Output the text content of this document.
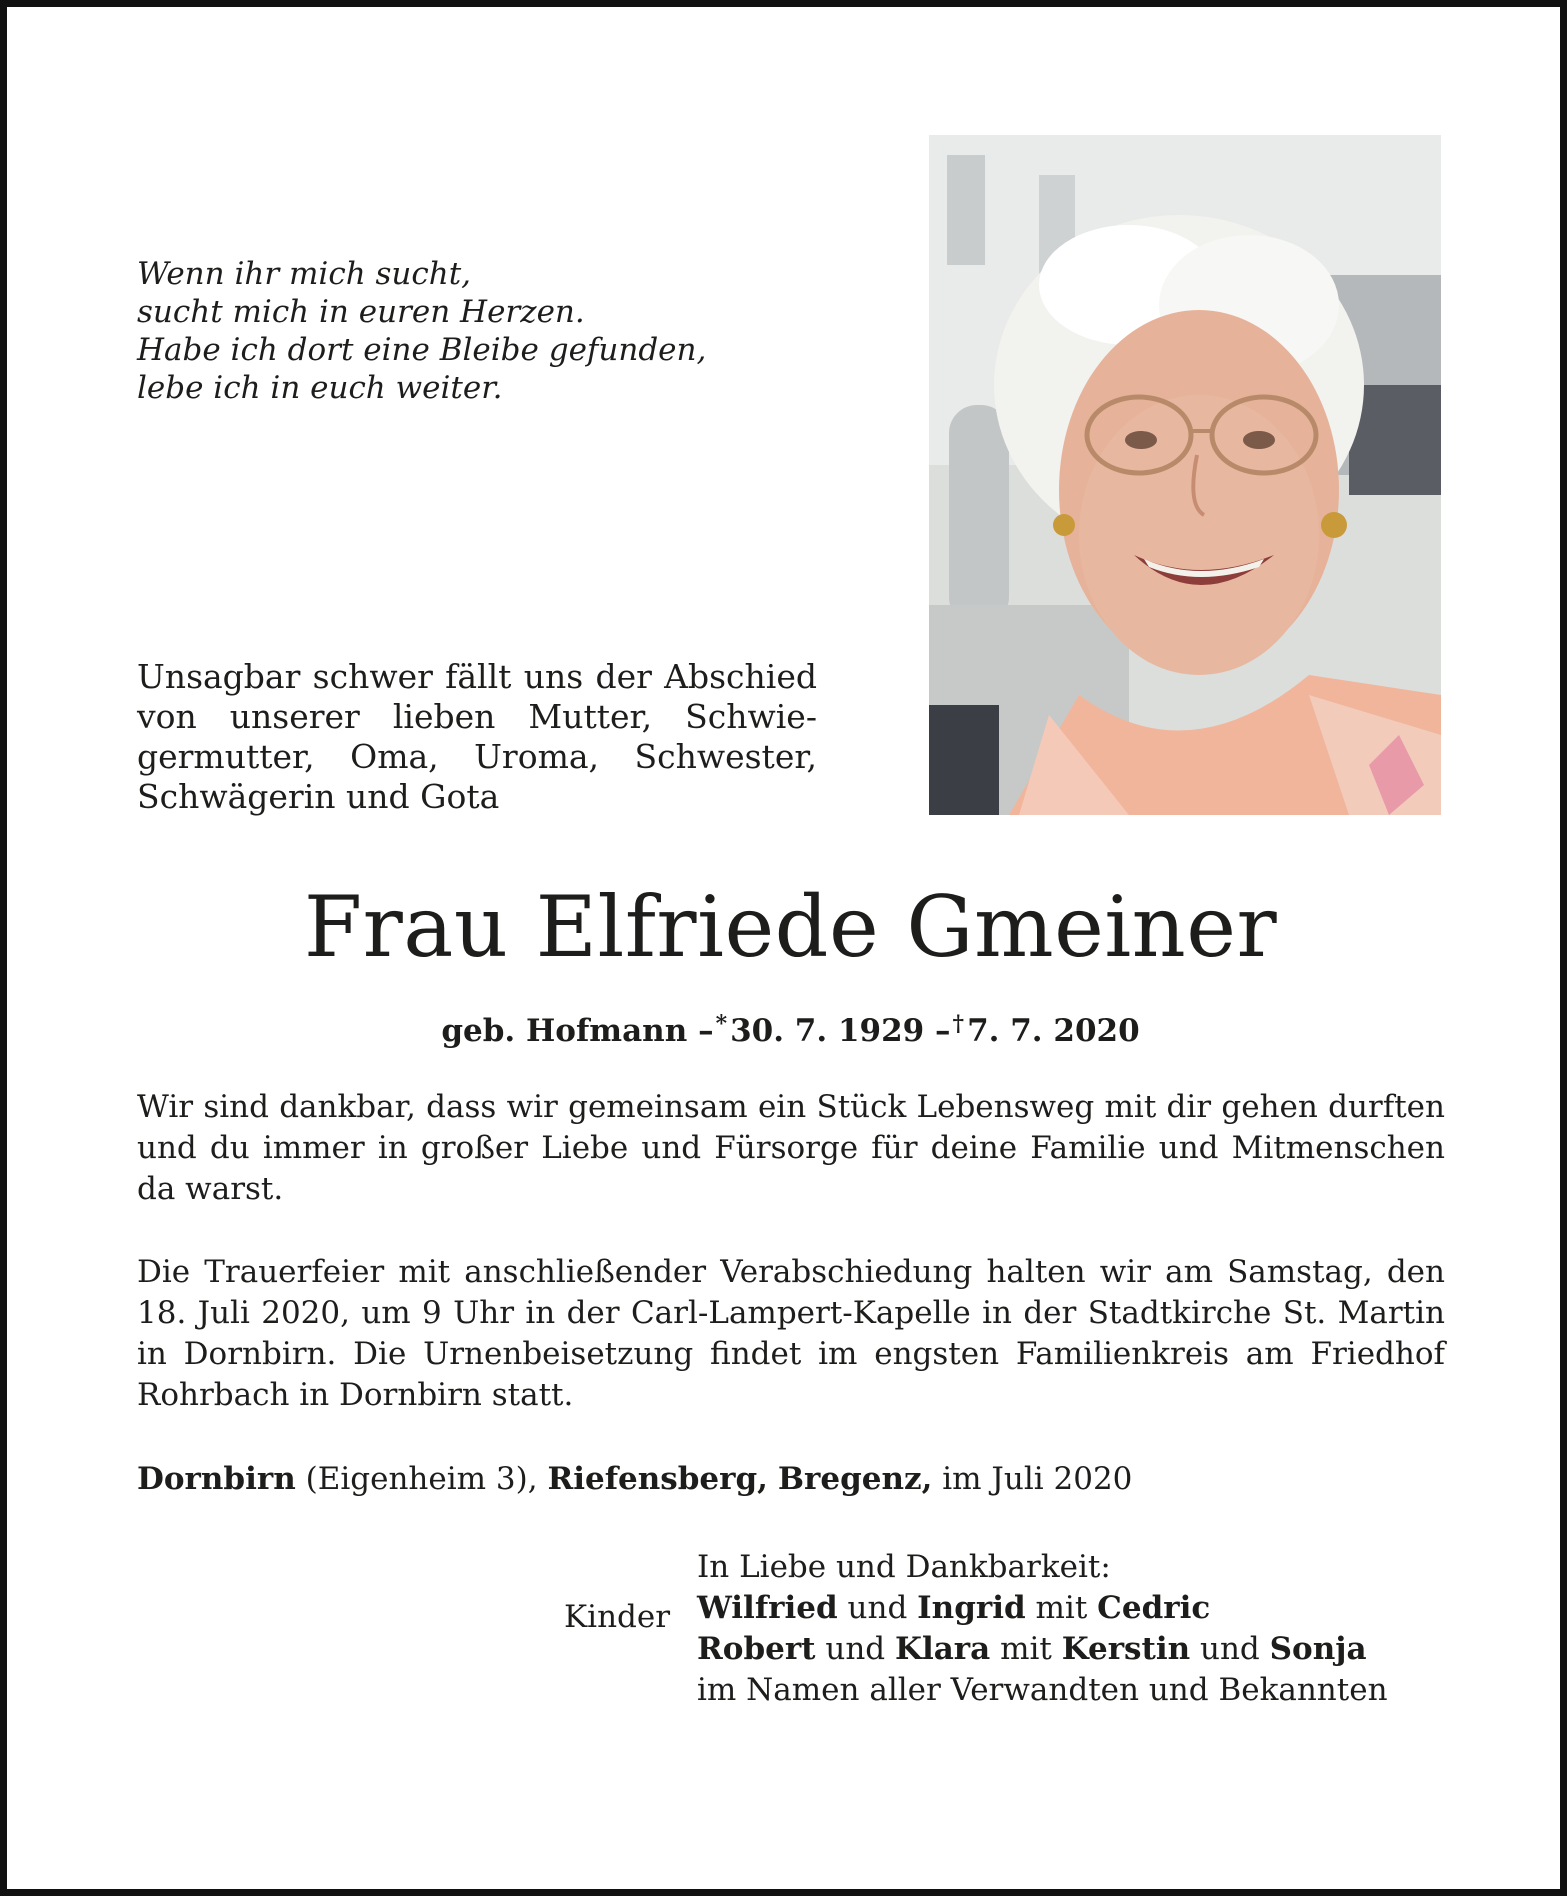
Wenn ihr mich sucht,
sucht mich in euren Herzen.
Habe ich dort eine Bleibe gefunden,
lebe ich in euch weiter.
Unsagbar schwer fällt uns der Abschied von unserer lieben Mutter, Schwiegermutter, Oma, Uroma, Schwester, Schwägerin und Gota
Frau Elfriede Gmeiner
geb. Hofmann –*30. 7. 1929 –†7. 7. 2020
Wir sind dankbar, dass wir gemeinsam ein Stück Lebensweg mit dir gehen durften und du immer in großer Liebe und Fürsorge für deine Familie und Mitmenschen da warst.
Die Trauerfeier mit anschließender Verabschiedung halten wir am Samstag, den 18. Juli 2020, um 9 Uhr in der Carl-Lampert-Kapelle in der Stadtkirche St. Martin in Dornbirn. Die Urnenbeisetzung findet im engsten Familienkreis am Friedhof Rohrbach in Dornbirn statt.
Dornbirn (Eigenheim 3), Riefensberg, Bregenz, im Juli 2020
In Liebe und Dankbarkeit:
Wilfried und Ingrid mit Cedric
Robert und Klara mit Kerstin und Sonja
im Namen aller Verwandten und Bekannten
Kinder
